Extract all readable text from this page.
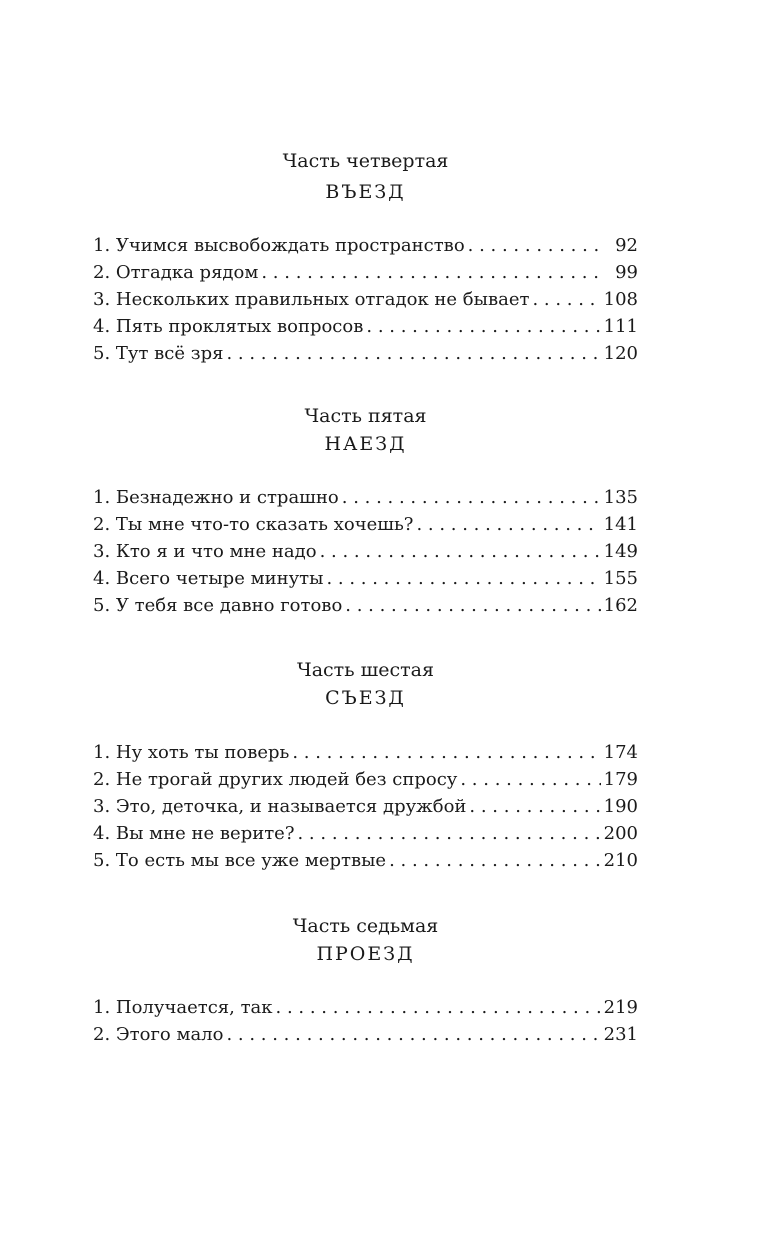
Часть четвертая
ВЪЕЗД
1. Учимся высвобождать пространство . . .	92
2. Отгадка рядом . . .	99
3. Нескольких правильных отгадок не бывает . . .	108
4. Пять проклятых вопросов . . .	111
5. Тут всё зря . . .	120
Часть пятая
НАЕЗД
1. Безнадежно и страшно . . .	135
2. Ты мне что-то сказать хочешь? . . .	141
3. Кто я и что мне надо . . .	149
4. Всего четыре минуты . . .	155
5. У тебя все давно готово . . .	162
Часть шестая
СЪЕЗД
1. Ну хоть ты поверь . . .	174
2. Не трогай других людей без спросу . . .	179
3. Это, деточка, и называется дружбой . . .	190
4. Вы мне не верите? . . .	200
5. То есть мы все уже мертвые . . .	210
Часть седьмая
ПРОЕЗД
1. Получается, так . . .	219
2. Этого мало . . .	231
